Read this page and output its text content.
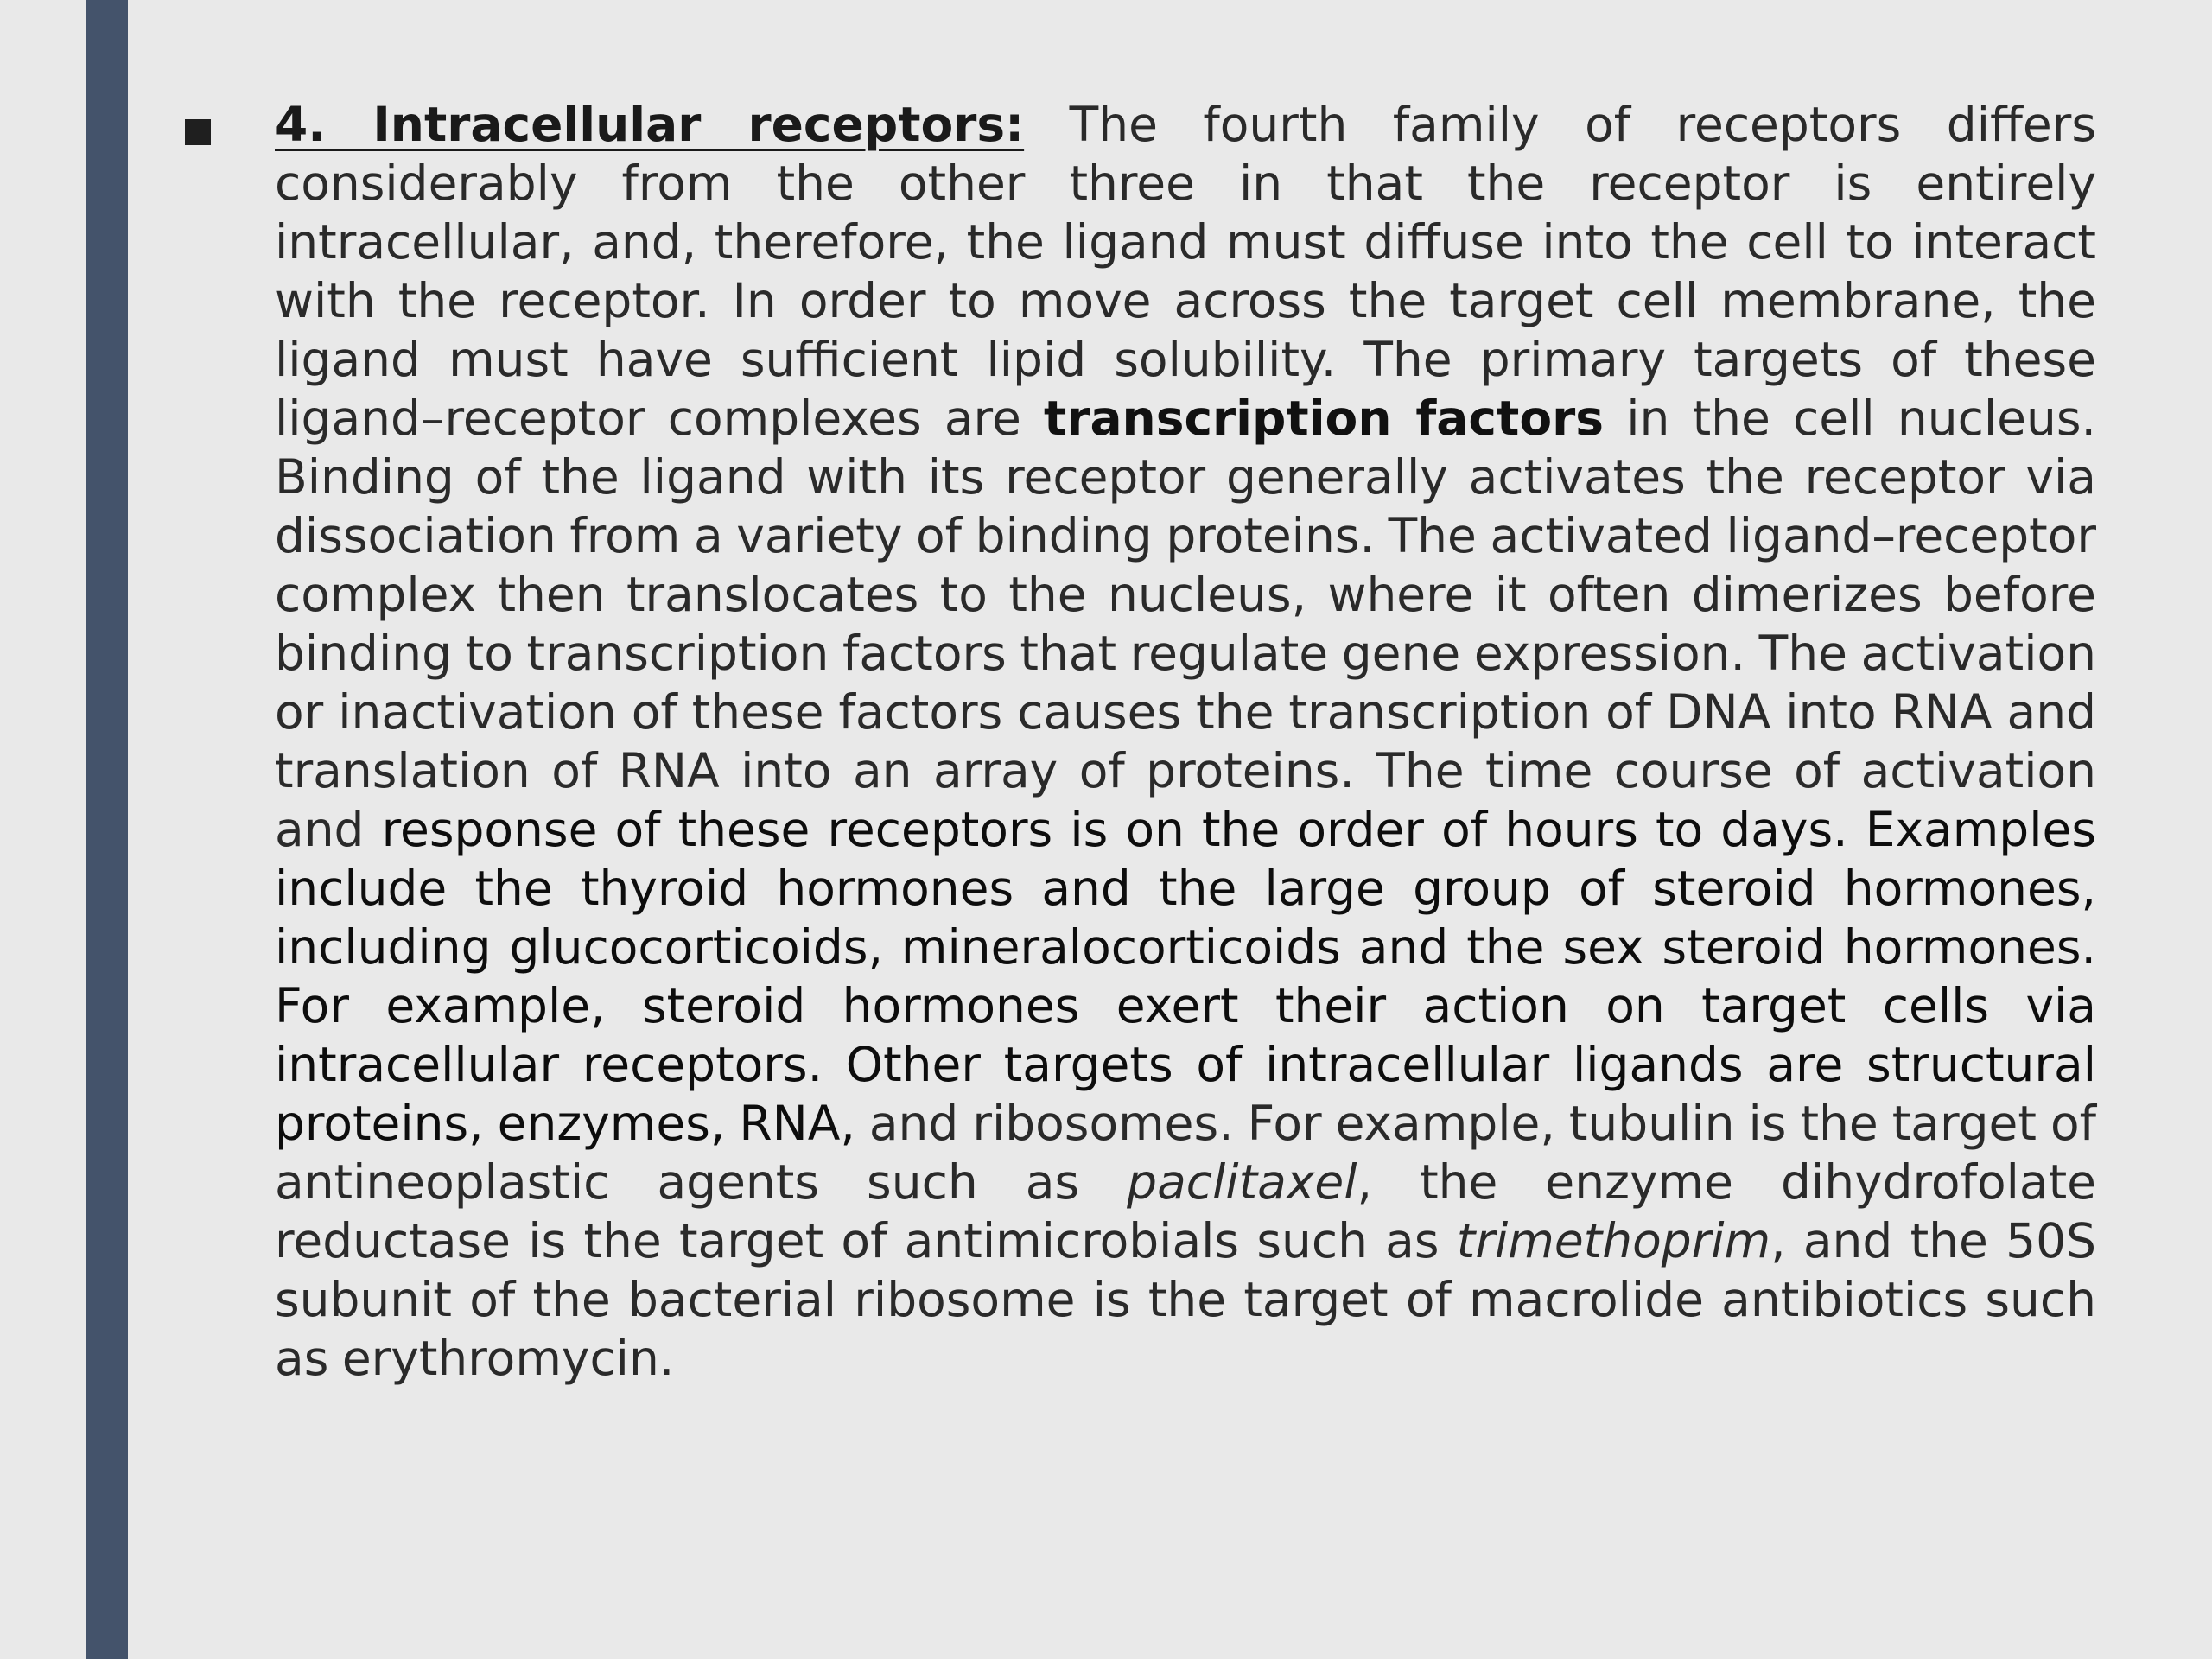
4. Intracellular receptors: The fourth family of receptors differs considerably from the other three in that the receptor is entirely intracellular, and, therefore, the ligand must diffuse into the cell to interact with the receptor. In order to move across the target cell membrane, the ligand must have sufficient lipid solubility. The primary targets of these ligand–receptor complexes are transcription factors in the cell nucleus. Binding of the ligand with its receptor generally activates the receptor via dissociation from a variety of binding proteins. The activated ligand–receptor complex then translocates to the nucleus, where it often dimerizes before binding to transcription factors that regulate gene expression. The activation or inactivation of these factors causes the transcription of DNA into RNA and translation of RNA into an array of proteins. The time course of activation and response of these receptors is on the order of hours to days. Examples include the thyroid hormones and the large group of steroid hormones, including glucocorticoids, mineralocorticoids and the sex steroid hormones. For example, steroid hormones exert their action on target cells via intracellular receptors. Other targets of intracellular ligands are structural proteins, enzymes, RNA, and ribosomes. For example, tubulin is the target of antineoplastic agents such as paclitaxel, the enzyme dihydrofolate reductase is the target of antimicrobials such as trimethoprim, and the 50S subunit of the bacterial ribosome is the target of macrolide antibiotics such as erythromycin.
